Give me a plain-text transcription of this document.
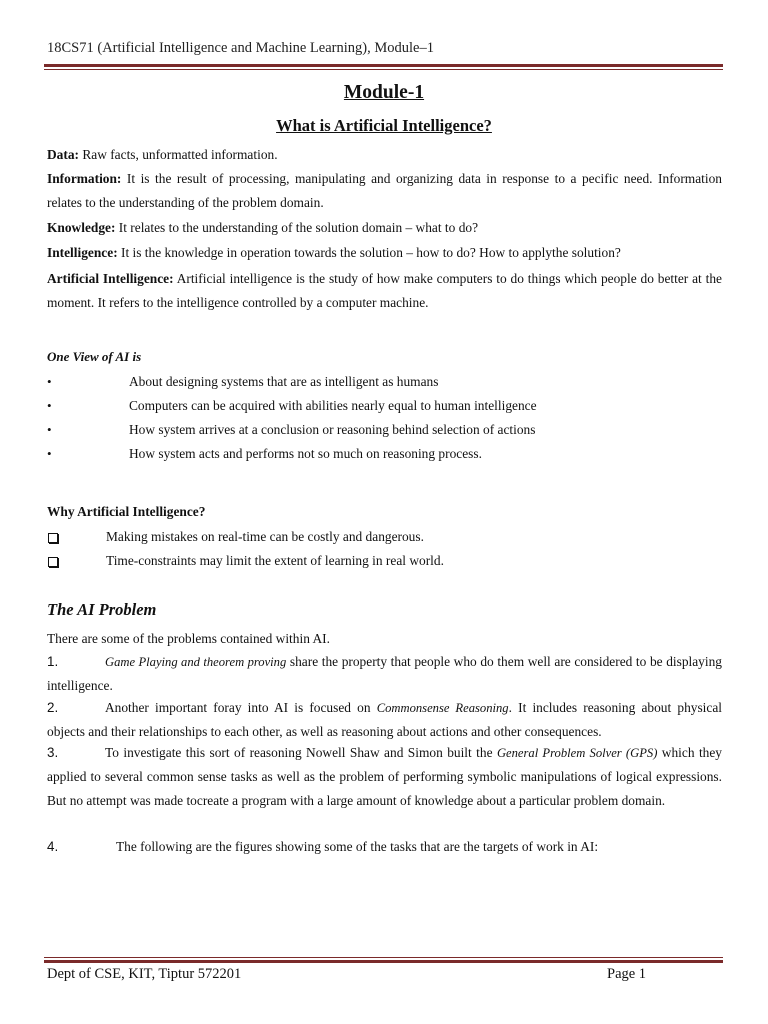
18CS71 (Artificial Intelligence and Machine Learning), Module–1
Module-1
What is Artificial Intelligence?

Data: Raw facts, unformatted information.

Information: It is the result of processing, manipulating and organizing data in response to a pecific need. Information relates to the understanding of the problem domain.

Knowledge: It relates to the understanding of the solution domain – what to do?

Intelligence: It is the knowledge in operation towards the solution – how to do? How to applythe solution?

Artificial Intelligence: Artificial intelligence is the study of how make computers to do things which people do better at the moment. It refers to the intelligence controlled by a computer machine.

One View of AI is
•	About designing systems that are as intelligent as humans
•	Computers can be acquired with abilities nearly equal to human intelligence
•	How system arrives at a conclusion or reasoning behind selection of actions
•	How system acts and performs not so much on reasoning process.
Why Artificial Intelligence?
Making mistakes on real-time can be costly and dangerous.
Time-constraints may limit the extent of learning in real world.
The AI Problem

There are some of the problems contained within AI.

1.	Game Playing and theorem proving share the property that people who do them well are considered to be displaying intelligence.

2.	Another important foray into AI is focused on Commonsense Reasoning. It includes reasoning about physical objects and their relationships to each other, as well as reasoning about actions and other consequences.

3.	To investigate this sort of reasoning Nowell Shaw and Simon built the General Problem Solver (GPS) which they applied to several common sense tasks as well as the problem of performing symbolic manipulations of logical expressions. But no attempt was made tocreate a program with a large amount of knowledge about a particular problem domain.

4.	The following are the figures showing some of the tasks that are the targets of work in AI:

Dept of CSE, KIT, Tiptur 572201	Page 1
